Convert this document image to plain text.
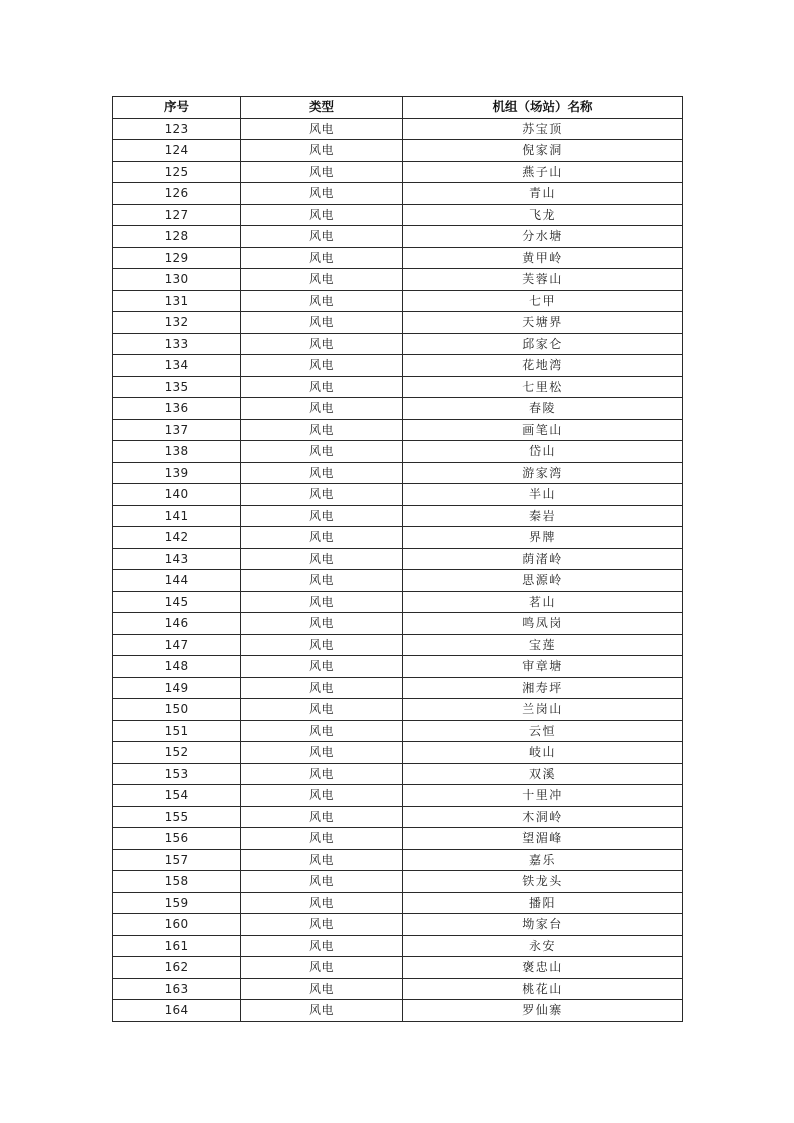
序号	类型	机组（场站）名称
123	风电	苏宝顶
124	风电	倪家洞
125	风电	燕子山
126	风电	青山
127	风电	飞龙
128	风电	分水塘
129	风电	黄甲岭
130	风电	芙蓉山
131	风电	七甲
132	风电	天塘界
133	风电	邱家仑
134	风电	花地湾
135	风电	七里松
136	风电	春陵
137	风电	画笔山
138	风电	岱山
139	风电	游家湾
140	风电	半山
141	风电	秦岩
142	风电	界牌
143	风电	荫渚岭
144	风电	思源岭
145	风电	茗山
146	风电	鸣凤岗
147	风电	宝莲
148	风电	审章塘
149	风电	湘寿坪
150	风电	兰岗山
151	风电	云恒
152	风电	岐山
153	风电	双溪
154	风电	十里冲
155	风电	木洞岭
156	风电	望湄峰
157	风电	嘉乐
158	风电	铁龙头
159	风电	播阳
160	风电	坳家台
161	风电	永安
162	风电	褒忠山
163	风电	桃花山
164	风电	罗仙寨
